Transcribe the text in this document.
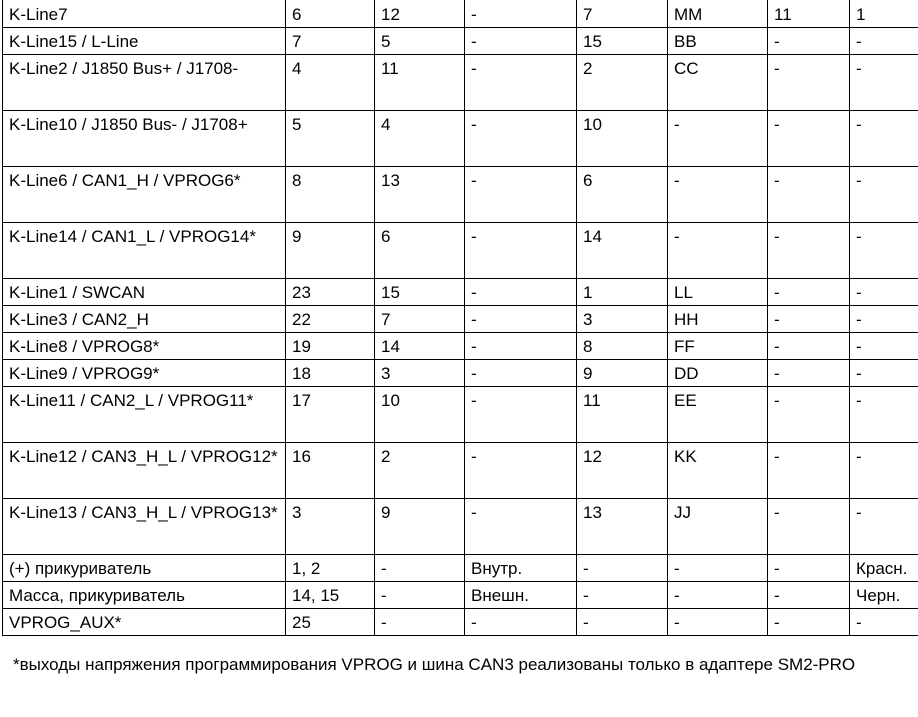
K-Line7	6	12	-	7	MM	11	1
K-Line15 / L-Line	7	5	-	15	BB	-	-
K-Line2 / J1850 Bus+ / J1708-	4	11	-	2	CC	-	-
K-Line10 / J1850 Bus- / J1708+	5	4	-	10	-	-	-
K-Line6 / CAN1_H / VPROG6*	8	13	-	6	-	-	-
K-Line14 / CAN1_L / VPROG14*	9	6	-	14	-	-	-
K-Line1 / SWCAN	23	15	-	1	LL	-	-
K-Line3 / CAN2_H	22	7	-	3	HH	-	-
K-Line8 / VPROG8*	19	14	-	8	FF	-	-
K-Line9 / VPROG9*	18	3	-	9	DD	-	-
K-Line11 / CAN2_L / VPROG11*	17	10	-	11	EE	-	-
K-Line12 / CAN3_H_L / VPROG12*	16	2	-	12	KK	-	-
K-Line13 / CAN3_H_L / VPROG13*	3	9	-	13	JJ	-	-
(+) прикуриватель	1, 2	-	Внутр.	-	-	-	Красн.
Масса, прикуриватель	14, 15	-	Внешн.	-	-	-	Черн.
VPROG_AUX*	25	-	-	-	-	-	-
*выходы напряжения программирования VPROG и шина CAN3 реализованы только в адаптере SM2-PRO
